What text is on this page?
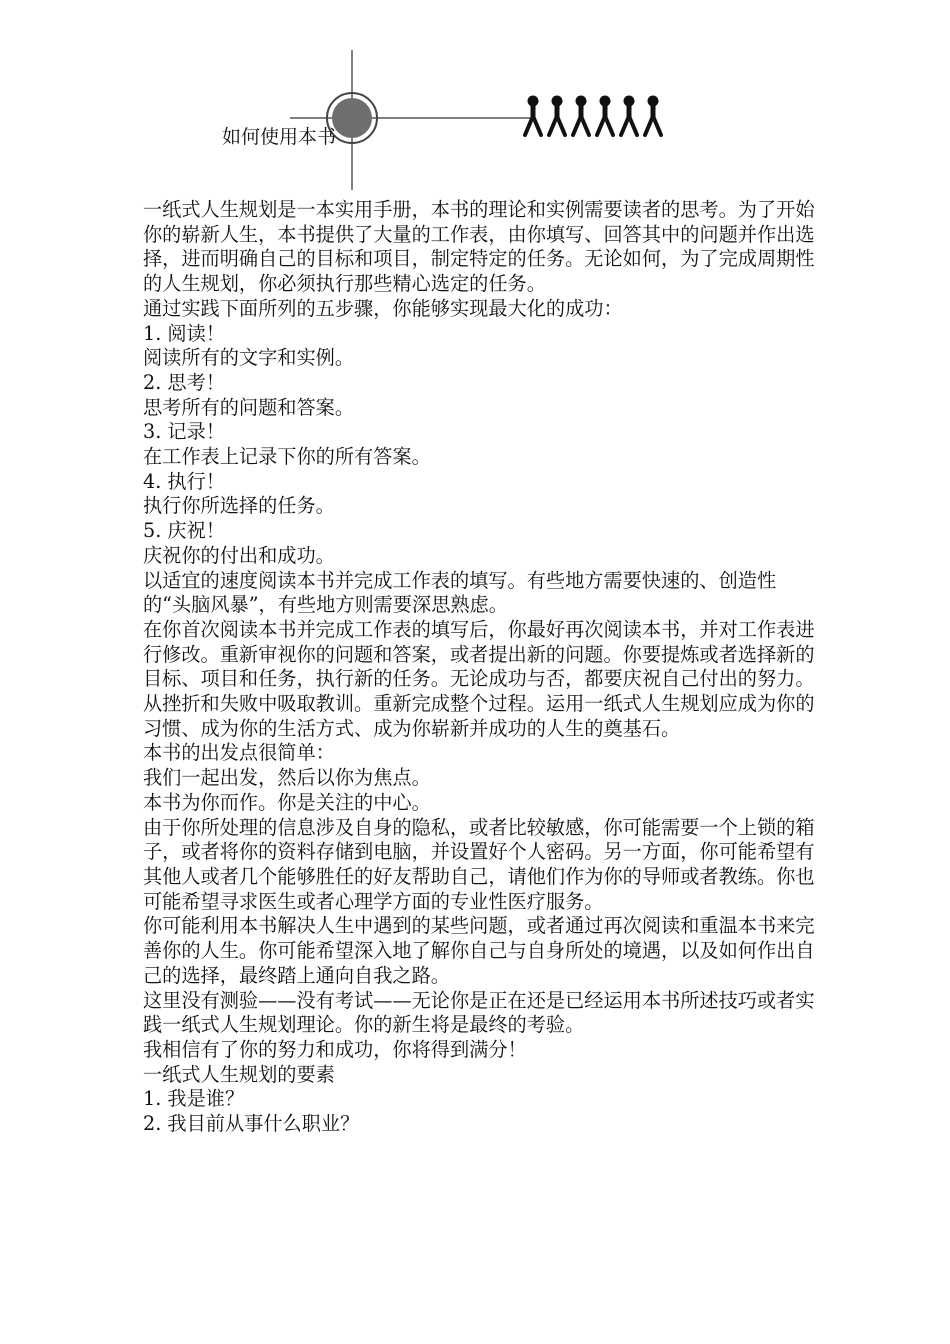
如何使用本书

一纸式人生规划是一本实用手册，本书的理论和实例需要读者的思考。为了开始你的崭新人生，本书提供了大量的工作表，由你填写、回答其中的问题并作出选择，进而明确自己的目标和项目，制定特定的任务。无论如何，为了完成周期性的人生规划，你必须执行那些精心选定的任务。

通过实践下面所列的五步骤，你能够实现最大化的成功：

1. 阅读！

阅读所有的文字和实例。

2. 思考！

思考所有的问题和答案。

3. 记录！

在工作表上记录下你的所有答案。

4. 执行！

执行你所选择的任务。

5. 庆祝！

庆祝你的付出和成功。

以适宜的速度阅读本书并完成工作表的填写。有些地方需要快速的、创造性的“头脑风暴”，有些地方则需要深思熟虑。

在你首次阅读本书并完成工作表的填写后，你最好再次阅读本书，并对工作表进行修改。重新审视你的问题和答案，或者提出新的问题。你要提炼或者选择新的目标、项目和任务，执行新的任务。无论成功与否，都要庆祝自己付出的努力。从挫折和失败中吸取教训。重新完成整个过程。运用一纸式人生规划应成为你的习惯、成为你的生活方式、成为你崭新并成功的人生的奠基石。

本书的出发点很简单：

我们一起出发，然后以你为焦点。

本书为你而作。你是关注的中心。

由于你所处理的信息涉及自身的隐私，或者比较敏感，你可能需要一个上锁的箱子，或者将你的资料存储到电脑，并设置好个人密码。另一方面，你可能希望有其他人或者几个能够胜任的好友帮助自己，请他们作为你的导师或者教练。你也可能希望寻求医生或者心理学方面的专业性医疗服务。

你可能利用本书解决人生中遇到的某些问题，或者通过再次阅读和重温本书来完善你的人生。你可能希望深入地了解你自己与自身所处的境遇，以及如何作出自己的选择，最终踏上通向自我之路。

这里没有测验——没有考试——无论你是正在还是已经运用本书所述技巧或者实践一纸式人生规划理论。你的新生将是最终的考验。

我相信有了你的努力和成功，你将得到满分！

一纸式人生规划的要素

1. 我是谁？

2. 我目前从事什么职业？
